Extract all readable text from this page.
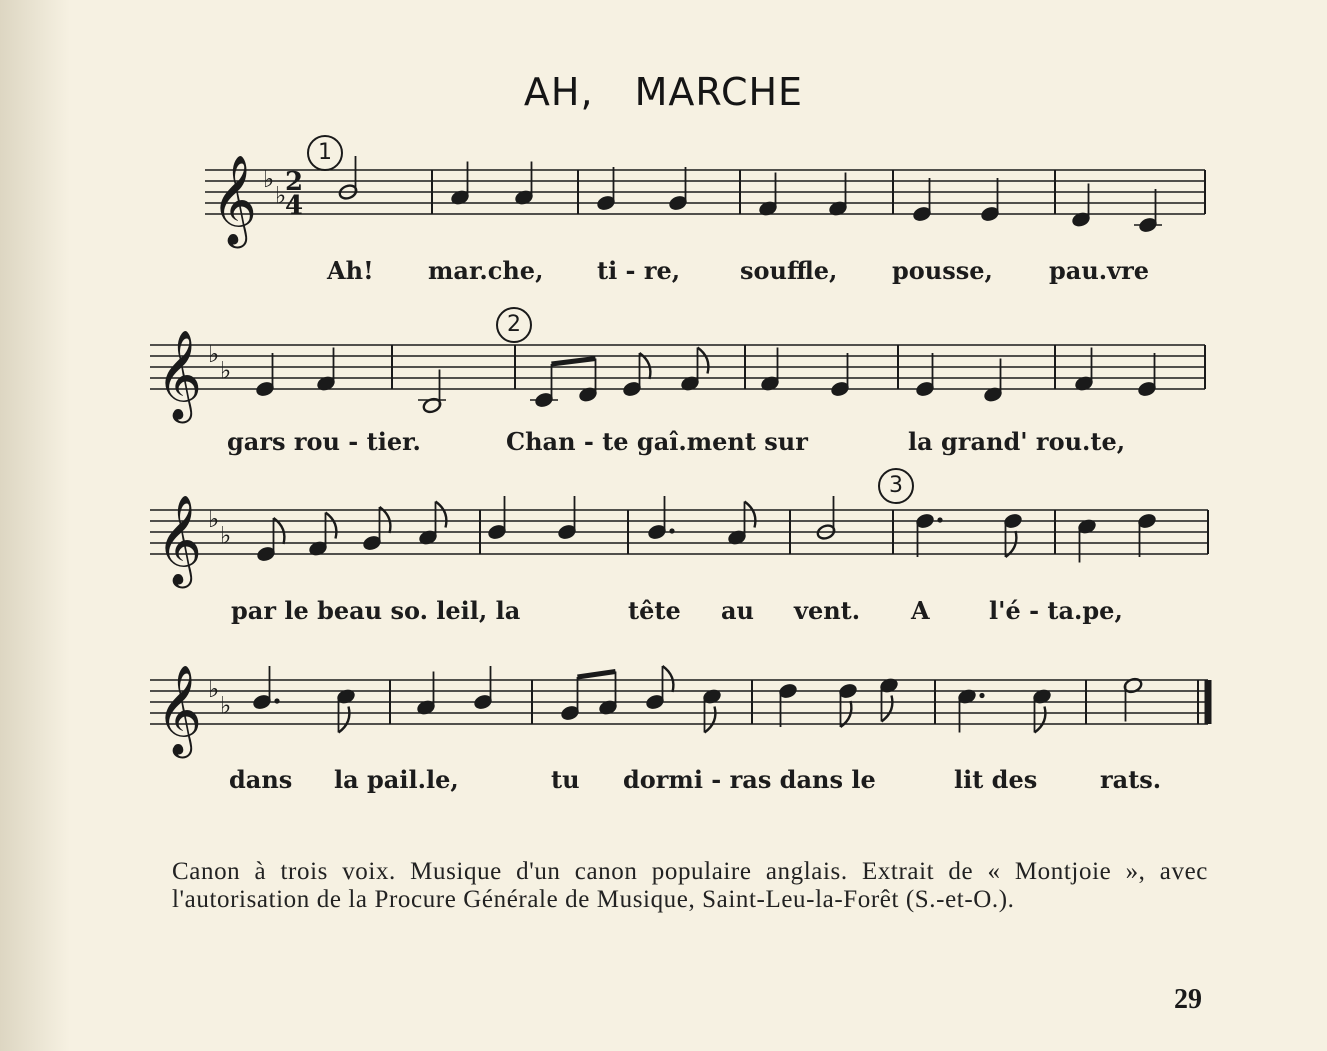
AH, MARCHE
1
2
3
𝄞 ♭
♭
2
4
𝄞 ♭
♭
𝄞 ♭
♭
𝄞 ♭
♭
Ah! mar.che, ti - re, souffle, pousse, pau.vre
gars rou - tier.	Chan - te gaî.ment sur	la grand' rou.te,
par le beau so. leil, la	tête au vent. A l'é - ta.pe,
dans la pail.le,	tu dormi - ras dans le	lit des	rats.
Canon à trois voix. Musique d'un canon populaire anglais. Extrait de « Montjoie », avec l'autorisation de la Procure Générale de Musique, Saint-Leu-la-Forêt (S.-et-O.).
29
